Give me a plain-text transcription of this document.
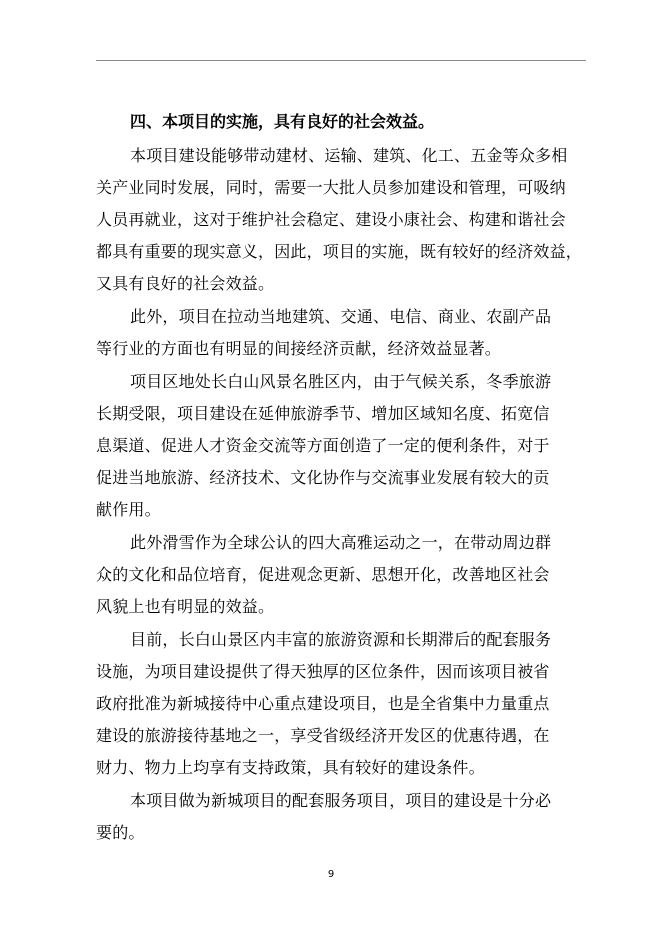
四、本项目的实施，具有良好的社会效益。
本项目建设能够带动建材、运输、建筑、化工、五金等众多相
关产业同时发展，同时，需要一大批人员参加建设和管理，可吸纳
人员再就业，这对于维护社会稳定、建设小康社会、构建和谐社会
都具有重要的现实意义，因此，项目的实施，既有较好的经济效益，
又具有良好的社会效益。
此外，项目在拉动当地建筑、交通、电信、商业、农副产品
等行业的方面也有明显的间接经济贡献，经济效益显著。
项目区地处长白山风景名胜区内，由于气候关系，冬季旅游
长期受限，项目建设在延伸旅游季节、增加区域知名度、拓宽信
息渠道、促进人才资金交流等方面创造了一定的便利条件，对于
促进当地旅游、经济技术、文化协作与交流事业发展有较大的贡
献作用。
此外滑雪作为全球公认的四大高雅运动之一，在带动周边群
众的文化和品位培育，促进观念更新、思想开化，改善地区社会
风貌上也有明显的效益。
目前，长白山景区内丰富的旅游资源和长期滞后的配套服务
设施，为项目建设提供了得天独厚的区位条件，因而该项目被省
政府批准为新城接待中心重点建设项目，也是全省集中力量重点
建设的旅游接待基地之一，享受省级经济开发区的优惠待遇，在
财力、物力上均享有支持政策，具有较好的建设条件。
本项目做为新城项目的配套服务项目，项目的建设是十分必
要的。
9
